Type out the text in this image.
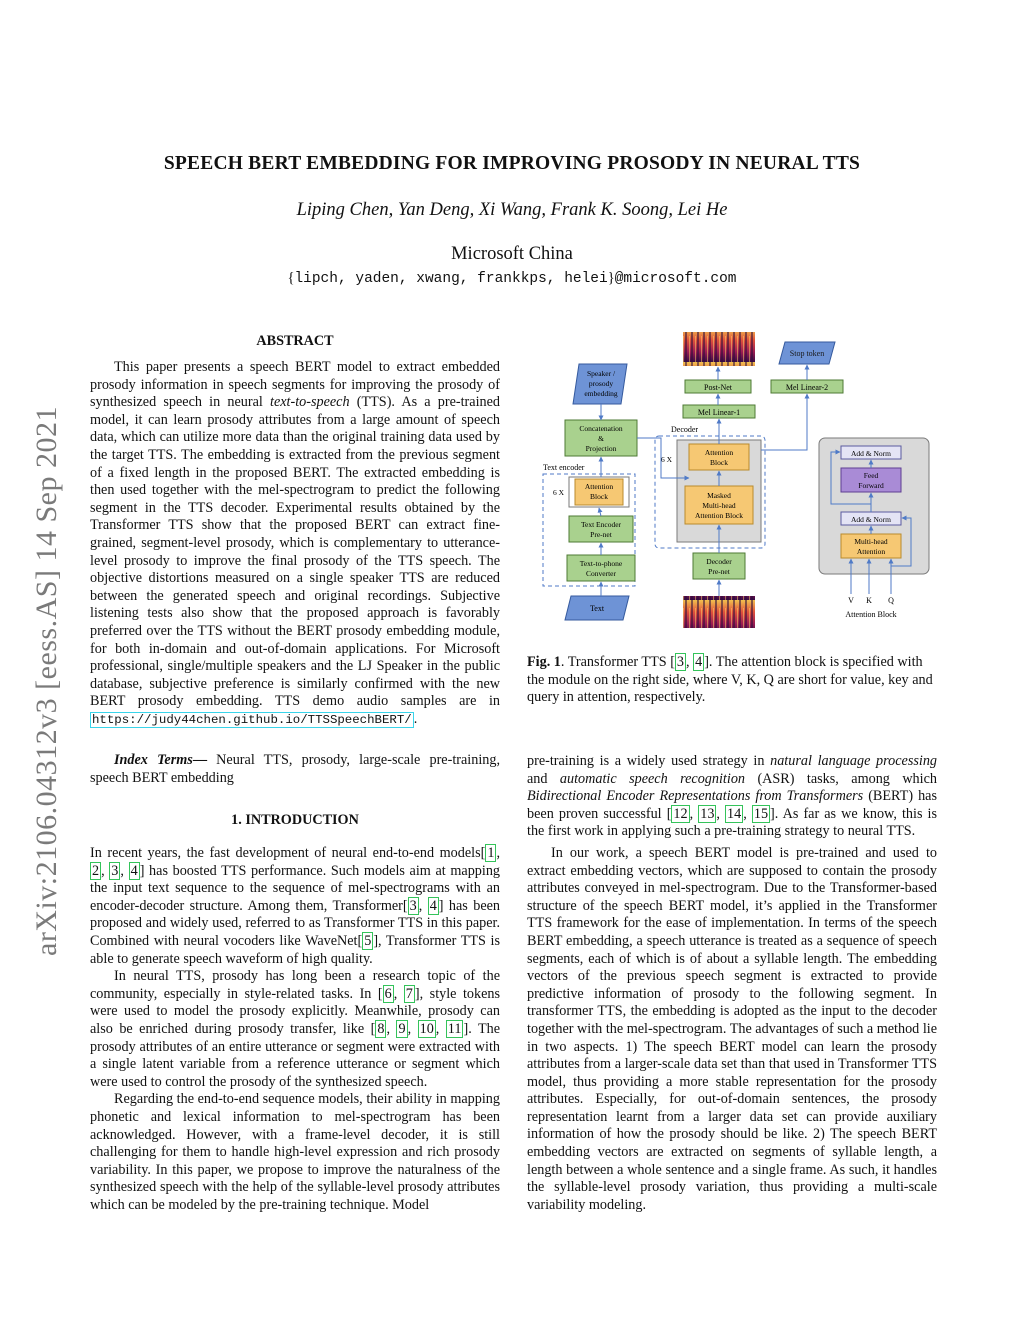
arXiv:2106.04312v3 [eess.AS] 14 Sep 2021
SPEECH BERT EMBEDDING FOR IMPROVING PROSODY IN NEURAL TTS
Liping Chen, Yan Deng, Xi Wang, Frank K. Soong, Lei He
Microsoft China
{lipch, yaden, xwang, frankkps, helei}@microsoft.com
ABSTRACT

This paper presents a speech BERT model to extract embedded prosody information in speech segments for improving the prosody of synthesized speech in neural text-to-speech (TTS). As a pre-trained model, it can learn prosody attributes from a large amount of speech data, which can utilize more data than the original training data used by the target TTS. The embedding is extracted from the previous segment of a fixed length in the proposed BERT. The extracted embedding is then used together with the mel-spectrogram to predict the following segment in the TTS decoder. Experimental results obtained by the Transformer TTS show that the proposed BERT can extract fine-grained, segment-level prosody, which is complementary to utterance-level prosody to improve the final prosody of the TTS speech. The objective distortions measured on a single speaker TTS are reduced between the generated speech and original recordings. Subjective listening tests also show that the proposed approach is favorably preferred over the TTS without the BERT prosody embedding module, for both in-domain and out-of-domain applications. For Microsoft professional, single/multiple speakers and the LJ Speaker in the public database, subjective preference is similarly confirmed with the new BERT prosody embedding. TTS demo audio samples are in https://judy44chen.github.io/TTSSpeechBERT/ .

Index Terms— Neural TTS, prosody, large-scale pre-training, speech BERT embedding

1. INTRODUCTION

In recent years, the fast development of neural end-to-end models[ 1 , 2 , 3 , 4 ] has boosted TTS performance. Such models aim at mapping the input text sequence to the sequence of mel-spectrograms with an encoder-decoder structure. Among them, Transformer[ 3 , 4 ] has been proposed and widely used, referred to as Transformer TTS in this paper. Combined with neural vocoders like WaveNet[ 5 ], Transformer TTS is able to generate speech waveform of high quality.

In neural TTS, prosody has long been a research topic of the community, especially in style-related tasks. In [ 6 , 7 ], style tokens were used to model the prosody explicitly. Meanwhile, prosody can also be enriched during prosody transfer, like [ 8 , 9 , 10 , 11 ]. The prosody attributes of an entire utterance or segment were extracted with a single latent variable from a reference utterance or segment which were used to control the prosody of the synthesized speech.

Regarding the end-to-end sequence models, their ability in mapping phonetic and lexical information to mel-spectrogram has been acknowledged. However, with a frame-level decoder, it is still challenging for them to handle high-level expression and rich prosody variability. In this paper, we propose to improve the naturalness of the synthesized speech with the help of the syllable-level prosody attributes which can be modeled by the pre-training technique. Model

Stop token
Speaker /
prosody
embedding
Post-Net
Mel Linear-1
Mel Linear-2
Concatenation
&
Projection
Text encoder
6 X
Attention
Block
Text Encoder
Pre-net
Text-to-phone
Converter
Text
Decoder
6 X
Attention
Block
Masked
Multi-head
Attention Block
Decoder
Pre-net
Add & Norm
Feed
Forward
Add & Norm
Multi-head
Attention
V K Q
Attention Block
Fig. 1. Transformer TTS [ 3 , 4 ]. The attention block is specified with the module on the right side, where V, K, Q are short for value, key and query in attention, respectively.

pre-training is a widely used strategy in natural language processing and automatic speech recognition (ASR) tasks, among which Bidirectional Encoder Representations from Transformers (BERT) has been proven successful [ 12 , 13 , 14 , 15 ]. As far as we know, this is the first work in applying such a pre-training strategy to neural TTS.

In our work, a speech BERT model is pre-trained and used to extract embedding vectors, which are supposed to contain the prosody attributes conveyed in mel-spectrogram. Due to the Transformer-based structure of the speech BERT model, it’s applied in the Transformer TTS framework for the ease of implementation. In terms of the speech BERT embedding, a speech utterance is treated as a sequence of speech segments, each of which is of about a syllable length. The embedding vectors of the previous speech segment is extracted to provide predictive information of prosody to the following segment. In transformer TTS, the embedding is adopted as the input to the decoder together with the mel-spectrogram. The advantages of such a method lie in two aspects. 1) The speech BERT model can learn the prosody attributes from a larger-scale data set than that used in Transformer TTS model, thus providing a more stable representation for the prosody attributes. Especially, for out-of-domain sentences, the prosody representation learnt from a larger data set can provide auxiliary information of how the prosody should be like. 2) The speech BERT embedding vectors are extracted on segments of syllable length, a length between a whole sentence and a single frame. As such, it handles the syllable-level prosody variation, thus providing a multi-scale variability modeling.
